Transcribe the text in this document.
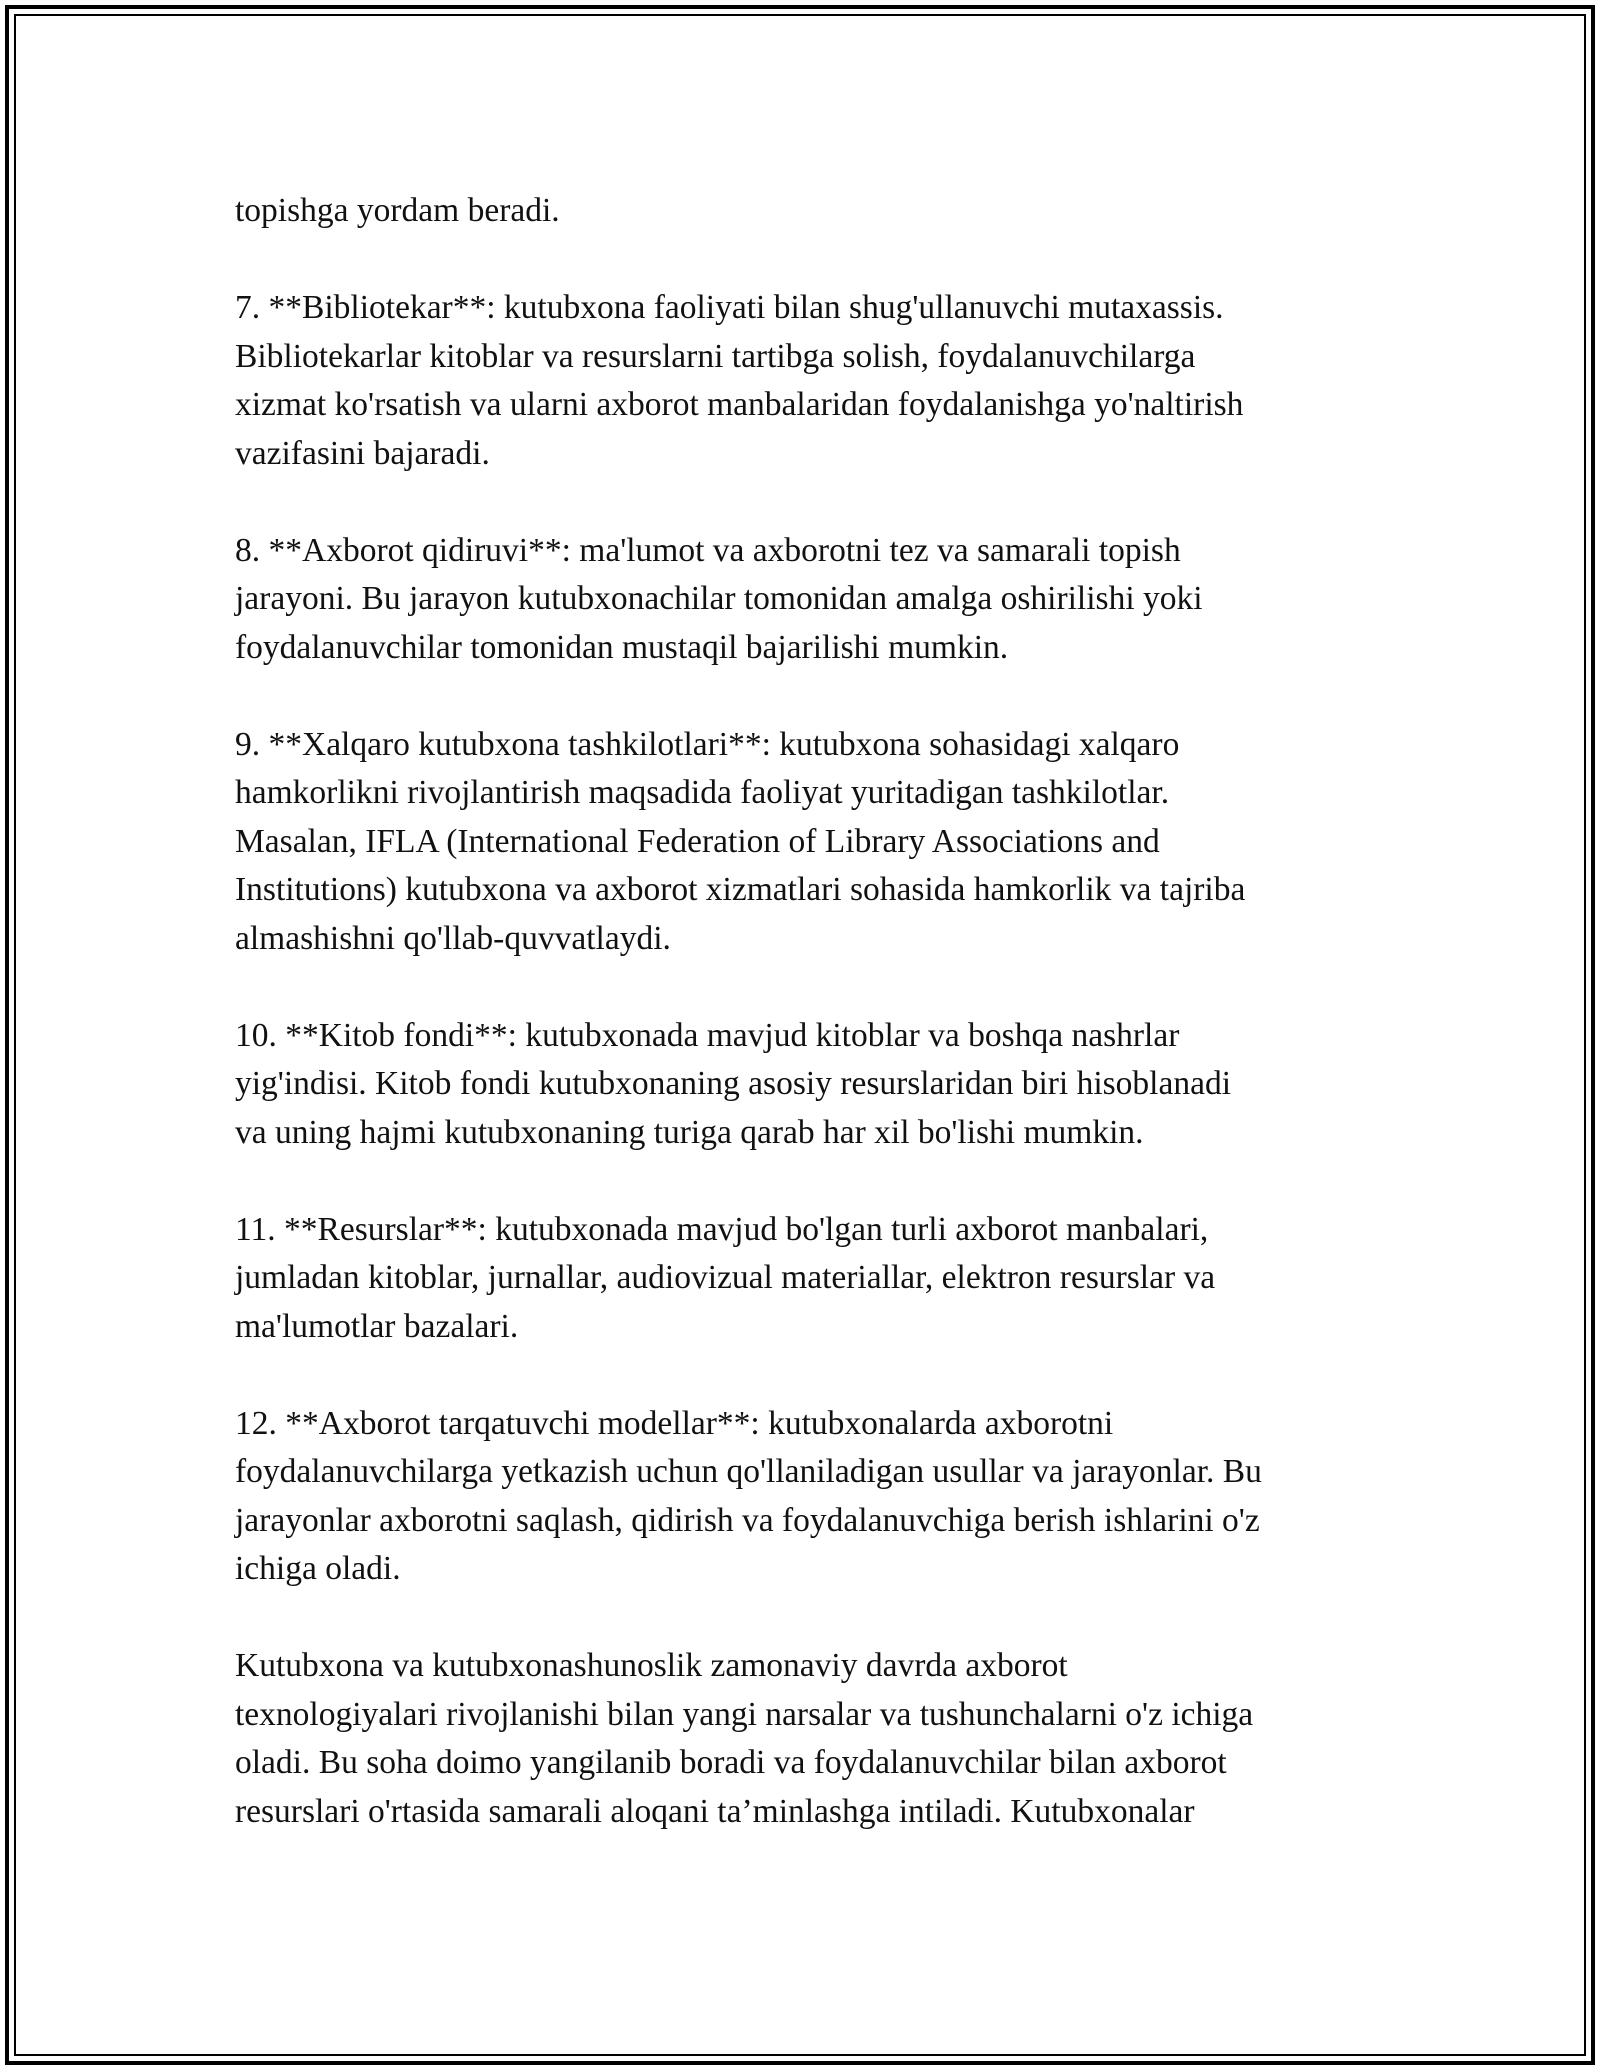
topishga yordam beradi.

7. **Bibliotekar**: kutubxona faoliyati bilan shug'ullanuvchi mutaxassis.
Bibliotekarlar kitoblar va resurslarni tartibga solish, foydalanuvchilarga
xizmat ko'rsatish va ularni axborot manbalaridan foydalanishga yo'naltirish
vazifasini bajaradi.

8. **Axborot qidiruvi**: ma'lumot va axborotni tez va samarali topish
jarayoni. Bu jarayon kutubxonachilar tomonidan amalga oshirilishi yoki
foydalanuvchilar tomonidan mustaqil bajarilishi mumkin.

9. **Xalqaro kutubxona tashkilotlari**: kutubxona sohasidagi xalqaro
hamkorlikni rivojlantirish maqsadida faoliyat yuritadigan tashkilotlar.
Masalan, IFLA (International Federation of Library Associations and
Institutions) kutubxona va axborot xizmatlari sohasida hamkorlik va tajriba
almashishni qo'llab-quvvatlaydi.

10. **Kitob fondi**: kutubxonada mavjud kitoblar va boshqa nashrlar
yig'indisi. Kitob fondi kutubxonaning asosiy resurslaridan biri hisoblanadi
va uning hajmi kutubxonaning turiga qarab har xil bo'lishi mumkin.

11. **Resurslar**: kutubxonada mavjud bo'lgan turli axborot manbalari,
jumladan kitoblar, jurnallar, audiovizual materiallar, elektron resurslar va
ma'lumotlar bazalari.

12. **Axborot tarqatuvchi modellar**: kutubxonalarda axborotni
foydalanuvchilarga yetkazish uchun qo'llaniladigan usullar va jarayonlar. Bu
jarayonlar axborotni saqlash, qidirish va foydalanuvchiga berish ishlarini o'z
ichiga oladi.

Kutubxona va kutubxonashunoslik zamonaviy davrda axborot
texnologiyalari rivojlanishi bilan yangi narsalar va tushunchalarni o'z ichiga
oladi. Bu soha doimo yangilanib boradi va foydalanuvchilar bilan axborot
resurslari o'rtasida samarali aloqani ta’minlashga intiladi. Kutubxonalar
